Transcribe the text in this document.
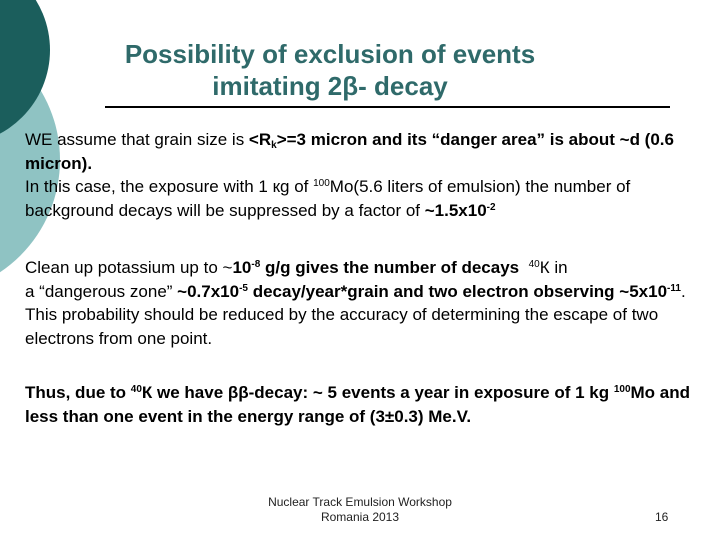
Possibility of exclusion of events
imitating 2β- decay
WE assume that grain size is $<R_k>=3$ micron and its “danger area” is about ~d (0.6 micron).
In this case, the exposure with 1 кg of $^{100}$Mo(5.6 liters of emulsion) the number of background decays will be suppressed by a factor of $\sim 1.5x10^{-2}$
Clean up potassium up to $\sim 10^{-8}$ g/g gives the number of decays $^{40}$К in
a “dangerous zone” $\sim 0.7x10^{-5}$ decay/year*grain and two electron observing $\sim 5x10^{-11}$. This probability should be reduced by the accuracy of determining the escape of two electrons from one point.
Thus, due to $^{40}$К we have ββ-decay: ~ 5 events a year in exposure of 1 kg $^{100}$Mo and less than one event in the energy range of (3±0.3) Me.V.
Nuclear Track Emulsion Workshop
Romania 2013	16
